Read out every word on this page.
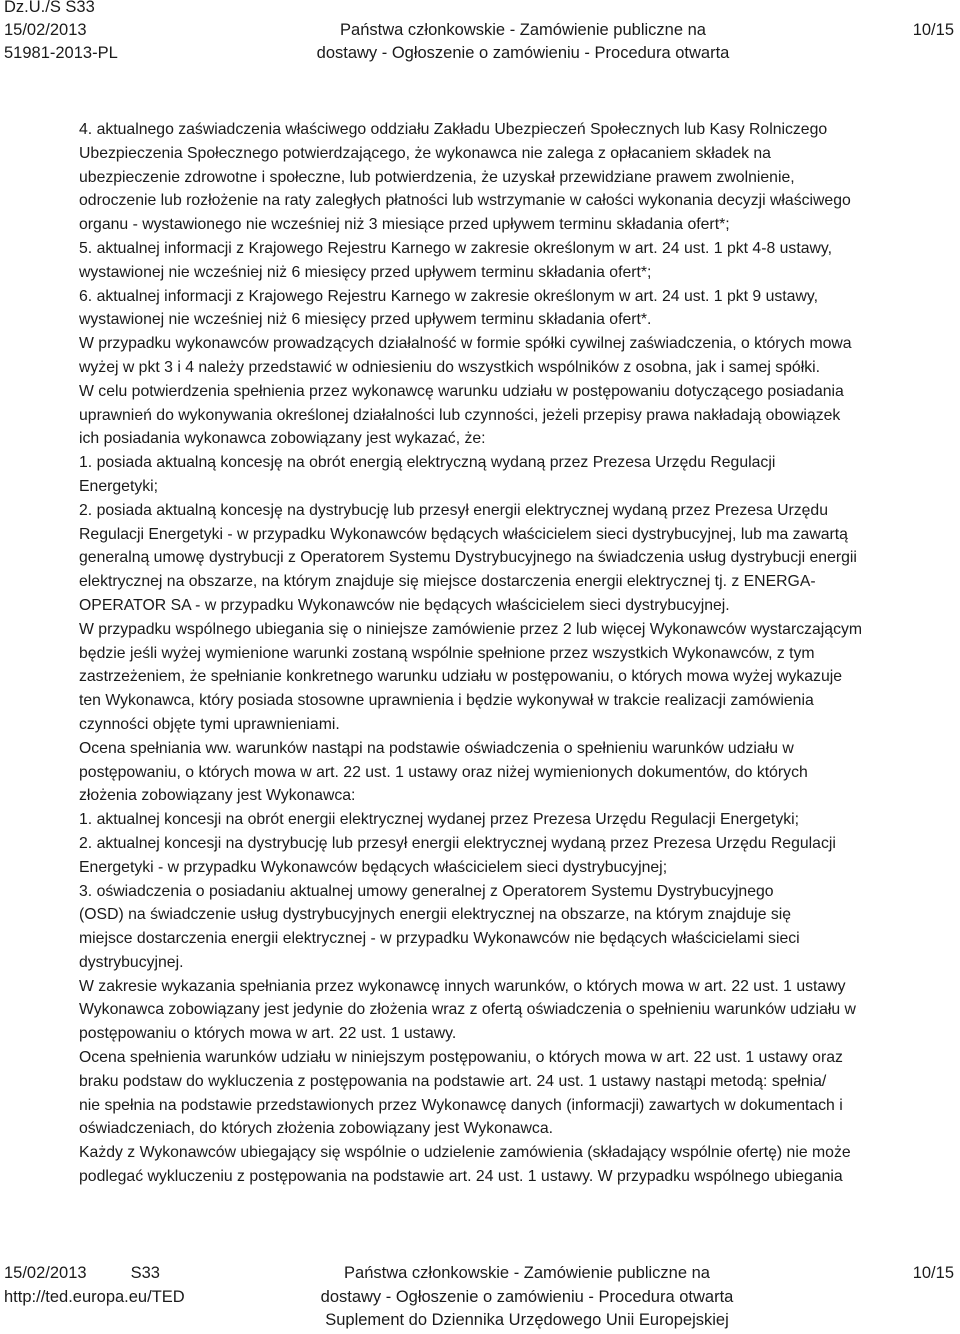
Dz.U./S S33
15/02/2013
51981-2013-PL
Państwa członkowskie - Zamówienie publiczne na
dostawy - Ogłoszenie o zamówieniu - Procedura otwarta
10/15

4. aktualnego zaświadczenia właściwego oddziału Zakładu Ubezpieczeń Społecznych lub Kasy Rolniczego

Ubezpieczenia Społecznego potwierdzającego, że wykonawca nie zalega z opłacaniem składek na

ubezpieczenie zdrowotne i społeczne, lub potwierdzenia, że uzyskał przewidziane prawem zwolnienie,

odroczenie lub rozłożenie na raty zaległych płatności lub wstrzymanie w całości wykonania decyzji właściwego

organu - wystawionego nie wcześniej niż 3 miesiące przed upływem terminu składania ofert*;

5. aktualnej informacji z Krajowego Rejestru Karnego w zakresie określonym w art. 24 ust. 1 pkt 4-8 ustawy,

wystawionej nie wcześniej niż 6 miesięcy przed upływem terminu składania ofert*;

6. aktualnej informacji z Krajowego Rejestru Karnego w zakresie określonym w art. 24 ust. 1 pkt 9 ustawy,

wystawionej nie wcześniej niż 6 miesięcy przed upływem terminu składania ofert*.

W przypadku wykonawców prowadzących działalność w formie spółki cywilnej zaświadczenia, o których mowa

wyżej w pkt 3 i 4 należy przedstawić w odniesieniu do wszystkich wspólników z osobna, jak i samej spółki.

W celu potwierdzenia spełnienia przez wykonawcę warunku udziału w postępowaniu dotyczącego posiadania

uprawnień do wykonywania określonej działalności lub czynności, jeżeli przepisy prawa nakładają obowiązek

ich posiadania wykonawca zobowiązany jest wykazać, że:

1. posiada aktualną koncesję na obrót energią elektryczną wydaną przez Prezesa Urzędu Regulacji

Energetyki;

2. posiada aktualną koncesję na dystrybucję lub przesył energii elektrycznej wydaną przez Prezesa Urzędu

Regulacji Energetyki - w przypadku Wykonawców będących właścicielem sieci dystrybucyjnej, lub ma zawartą

generalną umowę dystrybucji z Operatorem Systemu Dystrybucyjnego na świadczenia usług dystrybucji energii

elektrycznej na obszarze, na którym znajduje się miejsce dostarczenia energii elektrycznej tj. z ENERGA-

OPERATOR SA - w przypadku Wykonawców nie będących właścicielem sieci dystrybucyjnej.

W przypadku wspólnego ubiegania się o niniejsze zamówienie przez 2 lub więcej Wykonawców wystarczającym

będzie jeśli wyżej wymienione warunki zostaną wspólnie spełnione przez wszystkich Wykonawców, z tym

zastrzeżeniem, że spełnianie konkretnego warunku udziału w postępowaniu, o których mowa wyżej wykazuje

ten Wykonawca, który posiada stosowne uprawnienia i będzie wykonywał w trakcie realizacji zamówienia

czynności objęte tymi uprawnieniami.

Ocena spełniania ww. warunków nastąpi na podstawie oświadczenia o spełnieniu warunków udziału w

postępowaniu, o których mowa w art. 22 ust. 1 ustawy oraz niżej wymienionych dokumentów, do których

złożenia zobowiązany jest Wykonawca:

1. aktualnej koncesji na obrót energii elektrycznej wydanej przez Prezesa Urzędu Regulacji Energetyki;

2. aktualnej koncesji na dystrybucję lub przesył energii elektrycznej wydaną przez Prezesa Urzędu Regulacji

Energetyki - w przypadku Wykonawców będących właścicielem sieci dystrybucyjnej;

3. oświadczenia o posiadaniu aktualnej umowy generalnej z Operatorem Systemu Dystrybucyjnego

(OSD) na świadczenie usług dystrybucyjnych energii elektrycznej na obszarze, na którym znajduje się

miejsce dostarczenia energii elektrycznej - w przypadku Wykonawców nie będących właścicielami sieci

dystrybucyjnej.

W zakresie wykazania spełniania przez wykonawcę innych warunków, o których mowa w art. 22 ust. 1 ustawy

Wykonawca zobowiązany jest jedynie do złożenia wraz z ofertą oświadczenia o spełnieniu warunków udziału w

postępowaniu o których mowa w art. 22 ust. 1 ustawy.

Ocena spełnienia warunków udziału w niniejszym postępowaniu, o których mowa w art. 22 ust. 1 ustawy oraz

braku podstaw do wykluczenia z postępowania na podstawie art. 24 ust. 1 ustawy nastąpi metodą: spełnia/

nie spełnia na podstawie przedstawionych przez Wykonawcę danych (informacji) zawartych w dokumentach i

oświadczeniach, do których złożenia zobowiązany jest Wykonawca.

Każdy z Wykonawców ubiegający się wspólnie o udzielenie zamówienia (składający wspólnie ofertę) nie może

podlegać wykluczeniu z postępowania na podstawie art. 24 ust. 1 ustawy. W przypadku wspólnego ubiegania

15/02/2013	S33
http://ted.europa.eu/TED
Państwa członkowskie - Zamówienie publiczne na
dostawy - Ogłoszenie o zamówieniu - Procedura otwarta
Suplement do Dziennika Urzędowego Unii Europejskiej
10/15
